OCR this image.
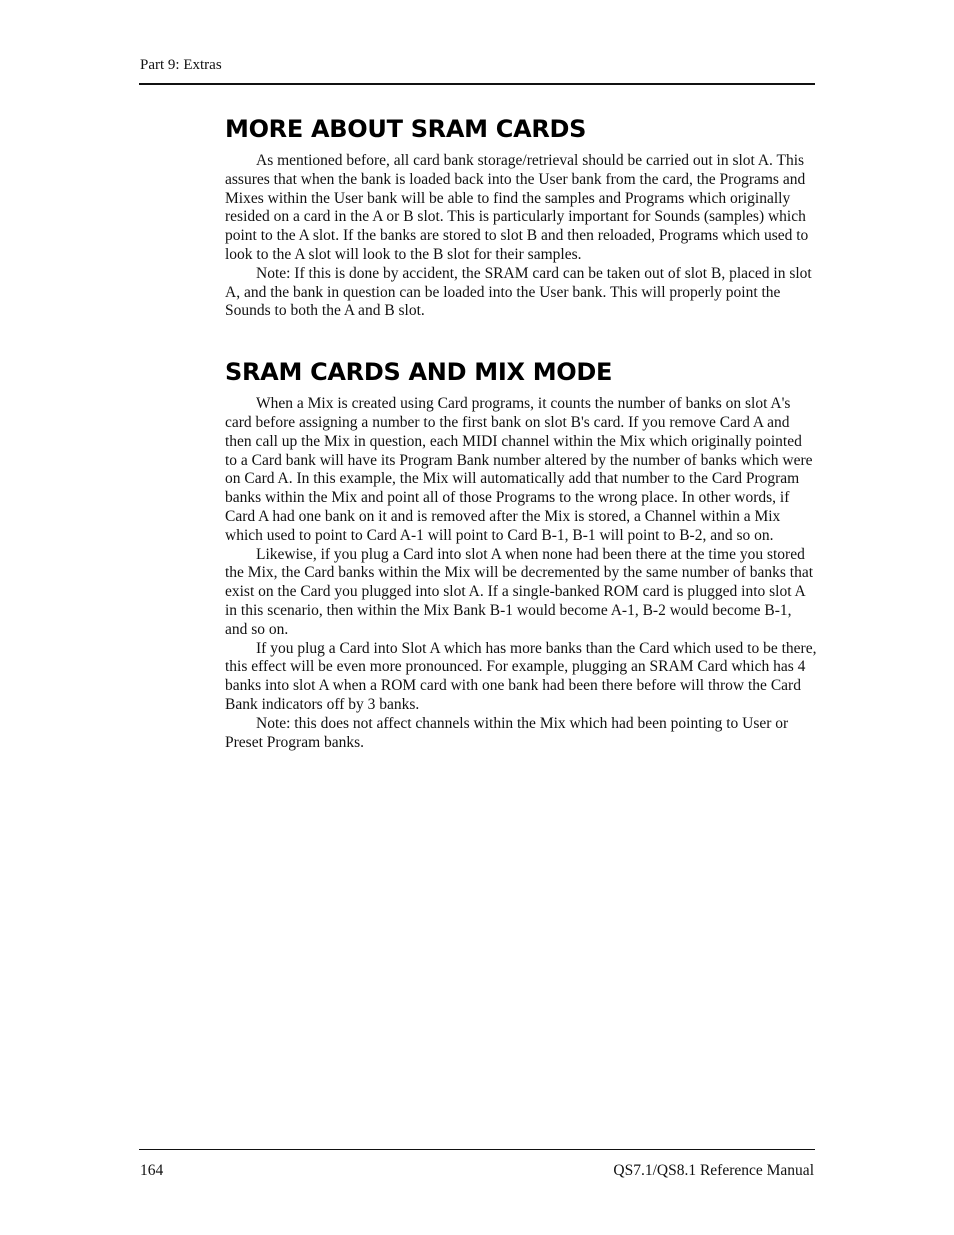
Part 9: Extras
MORE ABOUT SRAM CARDS

As mentioned before, all card bank storage/retrieval should be carried out in slot A. This assures that when the bank is loaded back into the User bank from the card, the Programs and Mixes within the User bank will be able to find the samples and Programs which originally resided on a card in the A or B slot. This is particularly important for Sounds (samples) which point to the A slot. If the banks are stored to slot B and then reloaded, Programs which used to look to the A slot will look to the B slot for their samples.

Note: If this is done by accident, the SRAM card can be taken out of slot B, placed in slot A, and the bank in question can be loaded into the User bank. This will properly point the Sounds to both the A and B slot.

SRAM CARDS AND MIX MODE

When a Mix is created using Card programs, it counts the number of banks on slot A's card before assigning a number to the first bank on slot B's card. If you remove Card A and then call up the Mix in question, each MIDI channel within the Mix which originally pointed to a Card bank will have its Program Bank number altered by the number of banks which were on Card A. In this example, the Mix will automatically add that number to the Card Program banks within the Mix and point all of those Programs to the wrong place. In other words, if Card A had one bank on it and is removed after the Mix is stored, a Channel within a Mix which used to point to Card A-1 will point to Card B-1, B-1 will point to B-2, and so on.

Likewise, if you plug a Card into slot A when none had been there at the time you stored the Mix, the Card banks within the Mix will be decremented by the same number of banks that exist on the Card you plugged into slot A. If a single-banked ROM card is plugged into slot A in this scenario, then within the Mix Bank B-1 would become A-1, B-2 would become B-1, and so on.

If you plug a Card into Slot A which has more banks than the Card which used to be there, this effect will be even more pronounced. For example, plugging an SRAM Card which has 4 banks into slot A when a ROM card with one bank had been there before will throw the Card Bank indicators off by 3 banks.

Note: this does not affect channels within the Mix which had been pointing to User or Preset Program banks.

164	QS7.1/QS8.1 Reference Manual
